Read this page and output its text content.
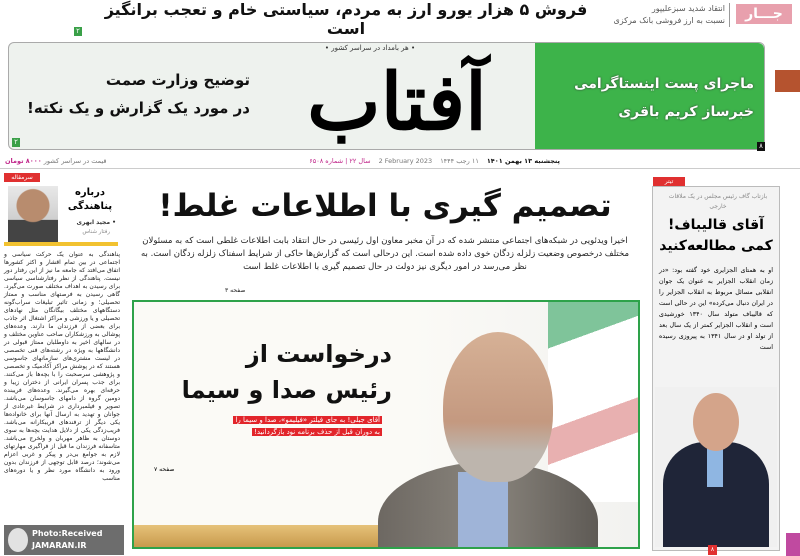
جـــار
انتقاد شدید سبزعلیپور
نسبت به ارز فروشی بانک مرکزی
فروش ۵ هزار یورو ارز به مردم، سیاستی خام و تعجب برانگیز است
۲
• هر بامداد در سراسر کشور •
آفتاب
توضیح وزارت صمت
در مورد یک گزارش و یک نکته!
۲
ماجرای پست اینستاگرامی
خبرساز کریم باقری
۸
پنجشنبه ۱۳ بهمن ۱۴۰۱
۱۱ رجب ۱۴۴۴
2 February 2023
سال ۲۲ | شماره ۶۵۰۸
قیمت در سراسر کشور ۸۰۰۰ تومان
سرمقاله
درباره پناهندگی
• مجید ابهری
رفتار شناس
پناهندگی به عنوان یک حرکت سیاسی و اجتماعی در بین تمام اقشار و اکثر کشورها اتفاق می‌افتد که جامعه ما نیز از این رفتار دور نیست. پناهندگی از نظر رفتارشناسی سیاسی برای رسیدن به اهداف مختلف صورت می‌گیرد. گاهی رسیدن به فرصتهای مناسب و ممتاز تحصیلی؛ و زمانی تاثیر تبلیغات سراب‌گونه دستگاههای مختلف بیگانگان مثل نهادهای تحصیلی و یا ورزشی و مراکز اشتغال اثر جاذب برای بعضی از فرزندان ما دارند. وعده‌های پوشالی به ورزشکاران صاحب عناوین مختلف و در سالهای اخیر به داوطلبان ممتاز قبولی در دانشگاهها به ویژه در رشته‌های فنی تخصصی در لیست مشتری‌های سازمانهای جاسوسی هستند که در پوشش مراکز آکادمیک و تخصصی و پژوهشی سرصحبت را با بچه‌ها باز می‌کنند. برای جذب پسران ایرانی از دختران زیبا و حرفه‌ای بهره می‌گیرند. وعده‌های فریبنده دومین گروه از دامهای جاسوسان می‌باشد. تصویر و فیلمبرداری در شرایط غیرعادی از جوانان و تهدید به ارسال آنها برای خانواده‌ها یکی دیگر از ترفندهای فریبکارانه می‌باشد. فریب‌زدگی یکی از دلایل هدایت بچه‌ها به سوی دوستان به ظاهر مهربان و ولخرج می‌باشد. متاسفانه فرزندان ما قبل از فراگیری مهارتهای لازم به جوامع بی‌در و پیکر و غربی اعزام می‌شوند؛ درصد قابل توجهی از فرزندان بدون ورود به دانشگاه مورد نظر و یا دوره‌های مناسب
Photo:Received
JAMARAN.IR
تصمیم گیری با اطلاعات غلط!
اخیرا ویدئویی در شبکه‌های اجتماعی منتشر شده که در آن مخبر معاون اول رئیسی در حال انتقاد بابت اطلاعات غلطی است که به مسئولان مختلف درخصوص وضعیت زلزله زدگان خوی داده شده است. این درحالی است که گزارش‌ها حاکی از شرایط اسفناک زلزله زدگان است. به نظر می‌رسد در امور دیگری نیز دولت در حال تصمیم گیری با اطلاعات غلط است
صفحه ۳
درخواست از
رئیس صدا و سیما
آقای جبلی! به جای فیلتر «فیلیمو»، صدا و سیما را
به دوران قبل از حذف برنامه نود بازگردانید!
صفحه ۷
تیتر
بازتاب گاف رئیس مجلس در یک ملاقات خارجی
آقای قالیباف! کمی مطالعه‌کنید
او به همتای الجزایری خود گفته بود: «در زمان انقلاب الجزایر به عنوان یک جوان انقلابی مسائل مربوط به انقلاب الجزایر را در ایران دنبال می‌کرده» این در حالی است که قالیباف متولد سال ۱۳۴۰ خورشیدی است و انقلاب الجزایر کمتر از یک سال بعد از تولد او در سال ۱۳۴۱ به پیروزی رسیده است
۸
